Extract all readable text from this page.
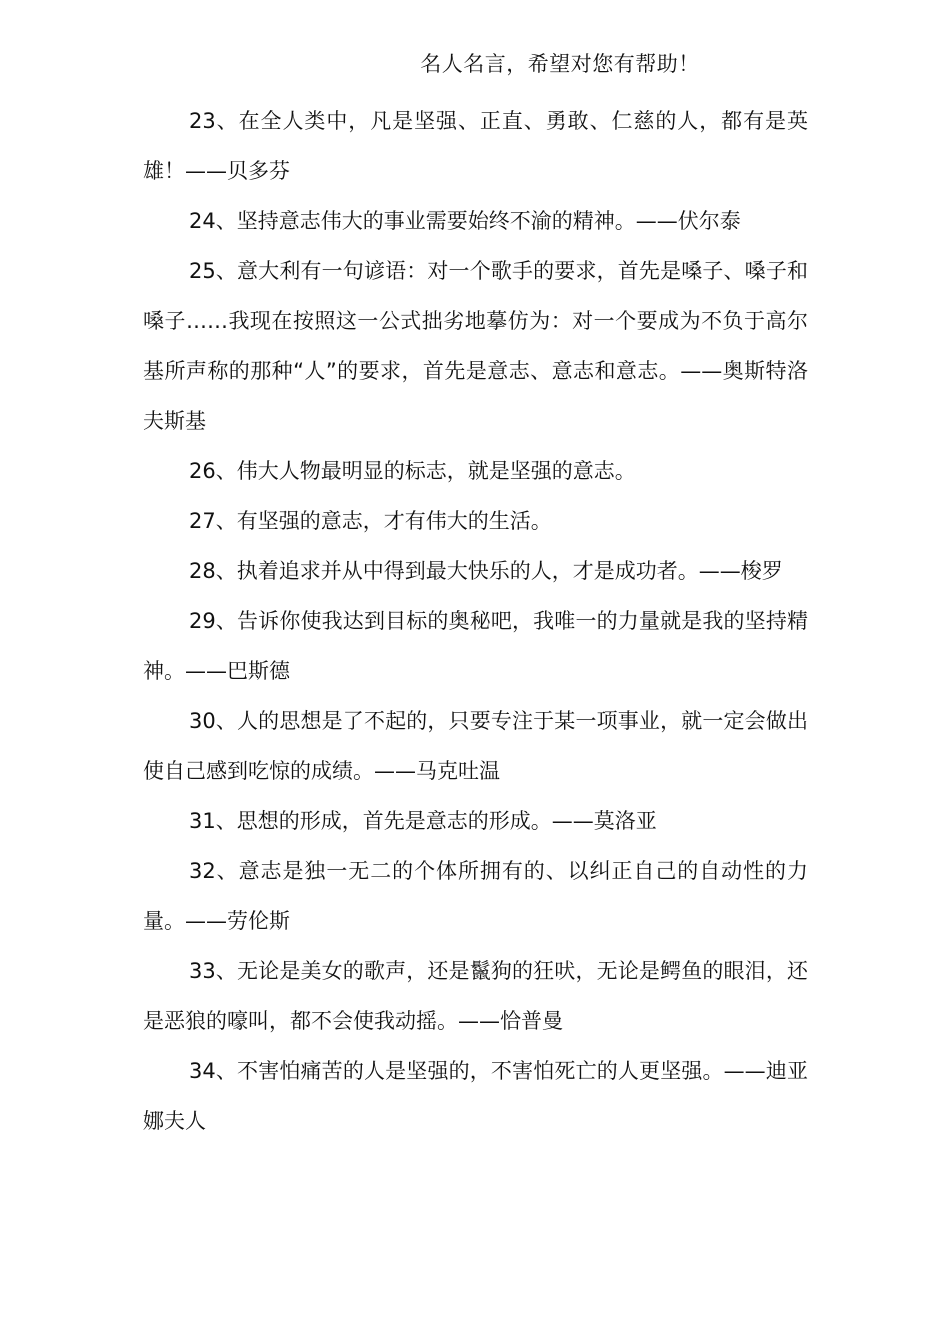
名人名言，希望对您有帮助！

23、在全人类中，凡是坚强、正直、勇敢、仁慈的人，都有是英雄！——贝多芬

24、坚持意志伟大的事业需要始终不渝的精神。——伏尔泰

25、意大利有一句谚语：对一个歌手的要求，首先是嗓子、嗓子和嗓子……我现在按照这一公式拙劣地摹仿为：对一个要成为不负于高尔基所声称的那种“人”的要求，首先是意志、意志和意志。——奥斯特洛夫斯基

26、伟大人物最明显的标志，就是坚强的意志。

27、有坚强的意志，才有伟大的生活。

28、执着追求并从中得到最大快乐的人，才是成功者。——梭罗

29、告诉你使我达到目标的奥秘吧，我唯一的力量就是我的坚持精神。——巴斯德

30、人的思想是了不起的，只要专注于某一项事业，就一定会做出使自己感到吃惊的成绩。——马克吐温

31、思想的形成，首先是意志的形成。——莫洛亚

32、意志是独一无二的个体所拥有的、以纠正自己的自动性的力量。——劳伦斯

33、无论是美女的歌声，还是鬣狗的狂吠，无论是鳄鱼的眼泪，还是恶狼的嚎叫，都不会使我动摇。——恰普曼

34、不害怕痛苦的人是坚强的，不害怕死亡的人更坚强。——迪亚娜夫人
